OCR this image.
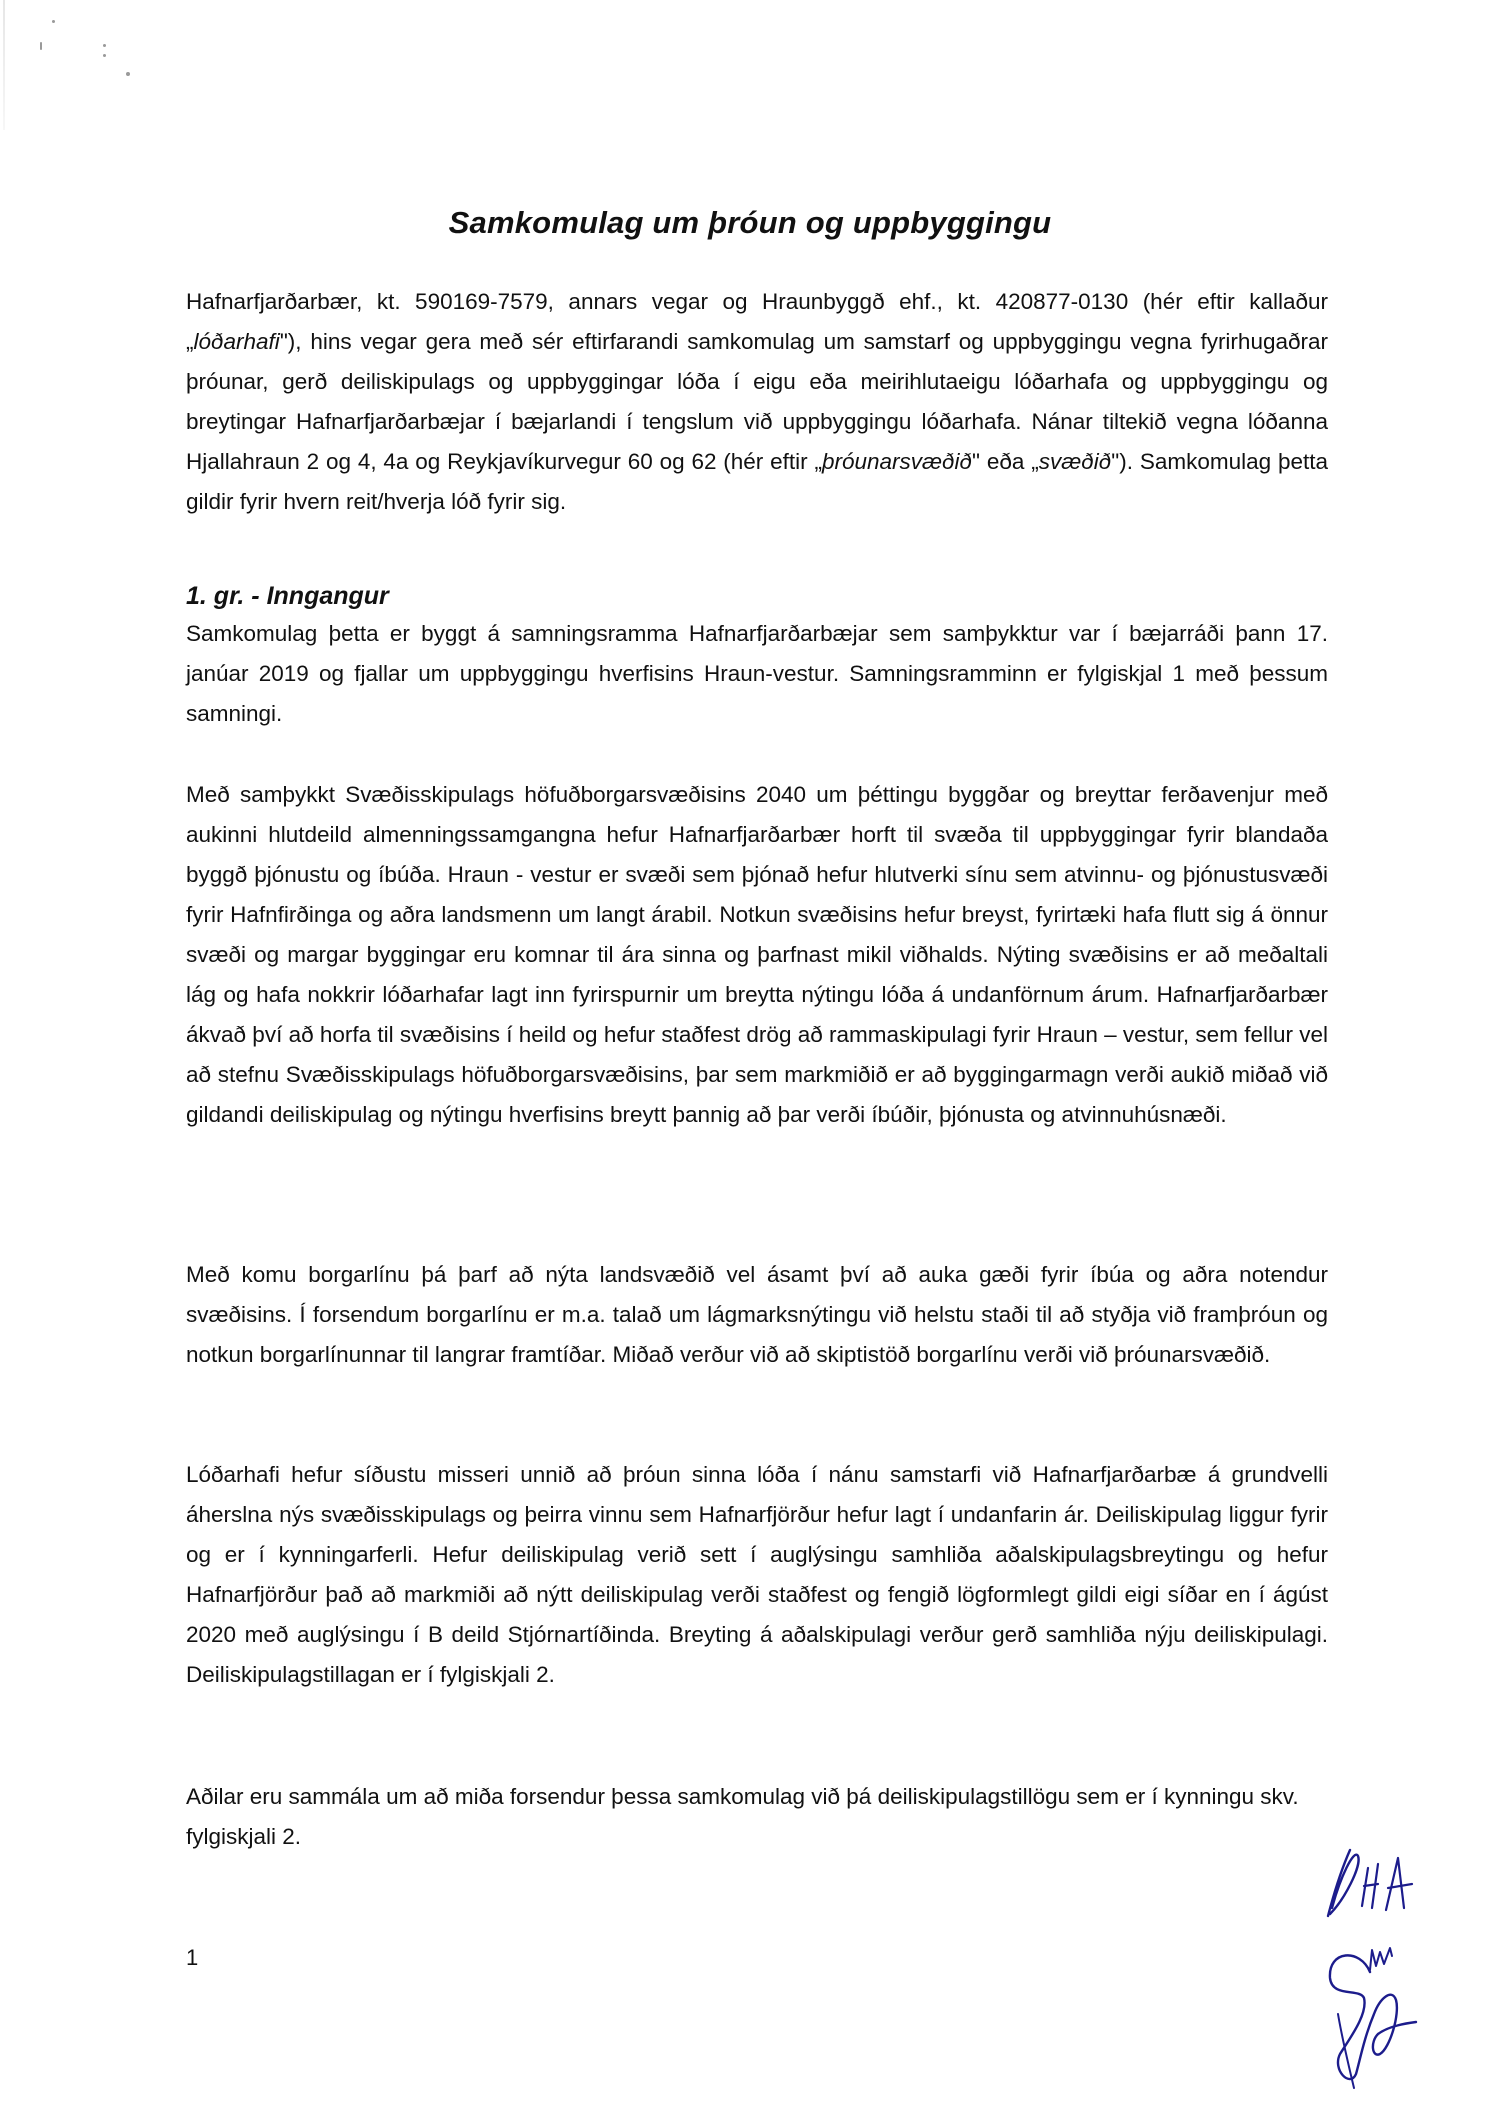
Samkomulag um þróun og uppbyggingu

Hafnarfjarðarbær, kt. 590169-7579, annars vegar og Hraunbyggð ehf., kt. 420877-0130 (hér eftir kallaður „lóðarhafi"), hins vegar gera með sér eftirfarandi samkomulag um samstarf og uppbyggingu vegna fyrirhugaðrar þróunar, gerð deiliskipulags og uppbyggingar lóða í eigu eða meirihlutaeigu lóðarhafa og uppbyggingu og breytingar Hafnarfjarðarbæjar í bæjarlandi í tengslum við uppbyggingu lóðarhafa. Nánar tiltekið vegna lóðanna Hjallahraun 2 og 4, 4a og Reykjavíkurvegur 60 og 62 (hér eftir „þróunarsvæðið" eða „svæðið"). Samkomulag þetta gildir fyrir hvern reit/hverja lóð fyrir sig.

1. gr. - Inngangur

Samkomulag þetta er byggt á samningsramma Hafnarfjarðarbæjar sem samþykktur var í bæjarráði þann 17. janúar 2019 og fjallar um uppbyggingu hverfisins Hraun-vestur. Samningsramminn er fylgiskjal 1 með þessum samningi.

Með samþykkt Svæðisskipulags höfuðborgarsvæðisins 2040 um þéttingu byggðar og breyttar ferðavenjur með aukinni hlutdeild almenningssamgangna hefur Hafnarfjarðarbær horft til svæða til uppbyggingar fyrir blandaða byggð þjónustu og íbúða. Hraun - vestur er svæði sem þjónað hefur hlutverki sínu sem atvinnu- og þjónustusvæði fyrir Hafnfirðinga og aðra landsmenn um langt árabil. Notkun svæðisins hefur breyst, fyrirtæki hafa flutt sig á önnur svæði og margar byggingar eru komnar til ára sinna og þarfnast mikil viðhalds. Nýting svæðisins er að meðaltali lág og hafa nokkrir lóðarhafar lagt inn fyrirspurnir um breytta nýtingu lóða á undanförnum árum. Hafnarfjarðarbær ákvað því að horfa til svæðisins í heild og hefur staðfest drög að rammaskipulagi fyrir Hraun – vestur, sem fellur vel að stefnu Svæðisskipulags höfuðborgarsvæðisins, þar sem markmiðið er að byggingarmagn verði aukið miðað við gildandi deiliskipulag og nýtingu hverfisins breytt þannig að þar verði íbúðir, þjónusta og atvinnuhúsnæði.

Með komu borgarlínu þá þarf að nýta landsvæðið vel ásamt því að auka gæði fyrir íbúa og aðra notendur svæðisins. Í forsendum borgarlínu er m.a. talað um lágmarksnýtingu við helstu staði til að styðja við framþróun og notkun borgarlínunnar til langrar framtíðar. Miðað verður við að skiptistöð borgarlínu verði við þróunarsvæðið.

Lóðarhafi hefur síðustu misseri unnið að þróun sinna lóða í nánu samstarfi við Hafnarfjarðarbæ á grundvelli áherslna nýs svæðisskipulags og þeirra vinnu sem Hafnarfjörður hefur lagt í undanfarin ár. Deiliskipulag liggur fyrir og er í kynningarferli. Hefur deiliskipulag verið sett í auglýsingu samhliða aðalskipulagsbreytingu og hefur Hafnarfjörður það að markmiði að nýtt deiliskipulag verði staðfest og fengið lögformlegt gildi eigi síðar en í ágúst 2020 með auglýsingu í B deild Stjórnartíðinda. Breyting á aðalskipulagi verður gerð samhliða nýju deiliskipulagi. Deiliskipulagstillagan er í fylgiskjali 2.

Aðilar eru sammála um að miða forsendur þessa samkomulag við þá deiliskipulagstillögu sem er í kynningu skv. fylgiskjali 2.

1
